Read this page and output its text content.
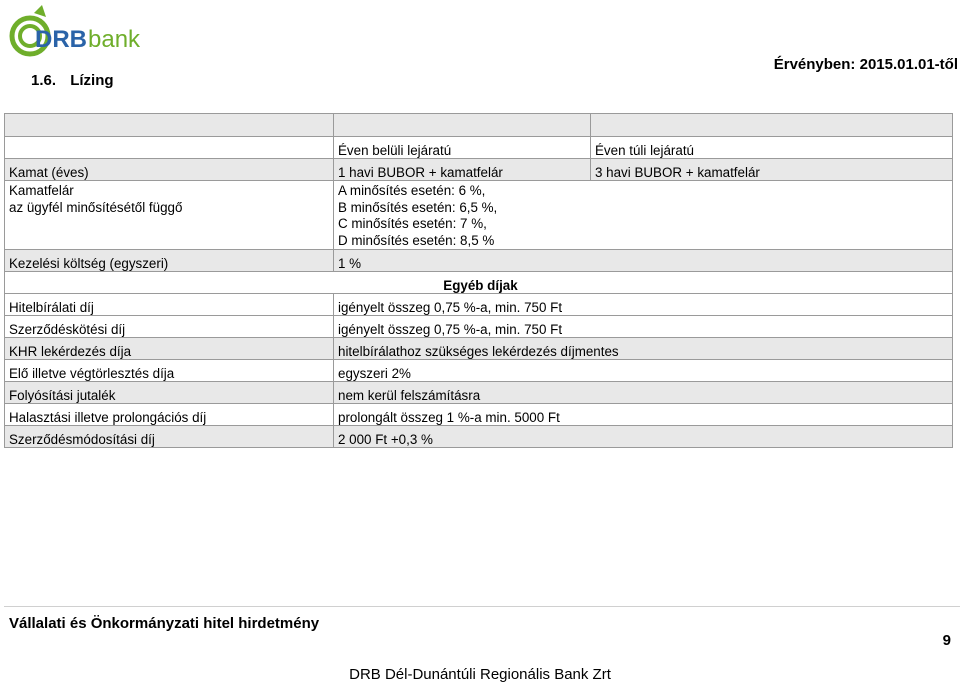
DRB bank
1.6. Lízing
Érvényben: 2015.01.01-től

	Éven belüli lejáratú	Éven túli lejáratú
Kamat (éves)	1 havi BUBOR + kamatfelár	3 havi BUBOR + kamatfelár

Kamatfelár
az ügyfél minősítésétől függő	A minősítés esetén: 6 %,
B minősítés esetén: 6,5 %,
C minősítés esetén: 7 %,
D minősítés esetén: 8,5 %	

Kezelési költség (egyszeri)	1 %	
Egyéb díjak		
Hitelbírálati díj	igényelt összeg 0,75 %-a, min. 750 Ft	
Szerződéskötési díj	igényelt összeg 0,75 %-a, min. 750 Ft	
KHR lekérdezés díja	hitelbírálathoz szükséges lekérdezés díjmentes	
Elő illetve végtörlesztés díja	egyszeri 2%	
Folyósítási jutalék	nem kerül felszámításra	
Halasztási illetve prolongációs díj	prolongált összeg 1 %-a min. 5000 Ft	
Szerződésmódosítási díj	2 000 Ft +0,3 %	
Vállalati és Önkormányzati hitel hirdetmény
9
DRB Dél-Dunántúli Regionális Bank Zrt
